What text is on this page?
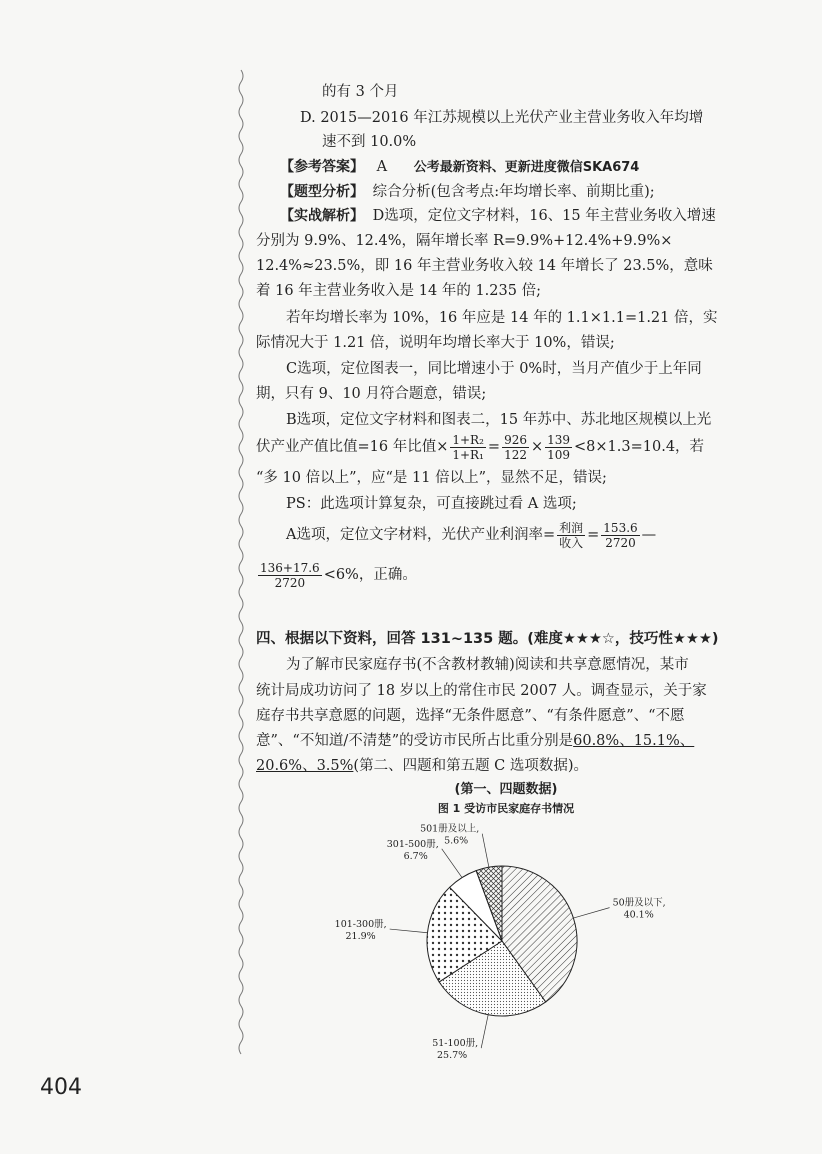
的有 3 个月
D. 2015—2016 年江苏规模以上光伏产业主营业务收入年均增
速不到 10.0%
【参考答案】 A 公考最新资料、更新进度微信SKA674
【题型分析】 综合分析(包含考点:年均增长率、前期比重);
【实战解析】 D选项，定位文字材料，16、15 年主营业务收入增速
分别为 9.9%、12.4%，隔年增长率 R=9.9%+12.4%+9.9%×
12.4%≈23.5%，即 16 年主营业务收入较 14 年增长了 23.5%，意味
着 16 年主营业务收入是 14 年的 1.235 倍;
若年均增长率为 10%，16 年应是 14 年的 1.1×1.1=1.21 倍，实
际情况大于 1.21 倍，说明年均增长率大于 10%，错误;
C选项，定位图表一，同比增速小于 0%时，当月产值少于上年同
期，只有 9、10 月符合题意，错误;
B选项，定位文字材料和图表二，15 年苏中、苏北地区规模以上光
伏产业产值比值=16 年比值× $\frac{\text{1+R₂}}{\text{1+R₁}} = \frac{926}{122} \times \frac{139}{109} <8\times 1.3=10.4$，若
“多 10 倍以上”，应“是 11 倍以上”，显然不足，错误;
PS：此选项计算复杂，可直接跳过看 A 选项;
A选项，定位文字材料，光伏产业利润率= $\frac{\text{利润}}{\text{收入}} = \frac{153.6}{2720}$ —
$\frac{136+17.6}{2720} <6\%$，正确。
四、根据以下资料，回答 131~135 题。(难度★★★☆，技巧性★★★)
为了解市民家庭存书(不含教材教辅)阅读和共享意愿情况，某市
统计局成功访问了 18 岁以上的常住市民 2007 人。调查显示，关于家
庭存书共享意愿的问题，选择“无条件愿意”、“有条件愿意”、“不愿
意”、“不知道/不清楚”的受访市民所占比重分别是60.8%、15.1%、
20.6%、3.5%(第二、四题和第五题 C 选项数据)。
(第一、四题数据)
图 1 受访市民家庭存书情况
50册及以下,
40.1%
51-100册,
25.7%
101-300册,
21.9%
301-500册,
6.7%
501册及以上,
5.6%
404
